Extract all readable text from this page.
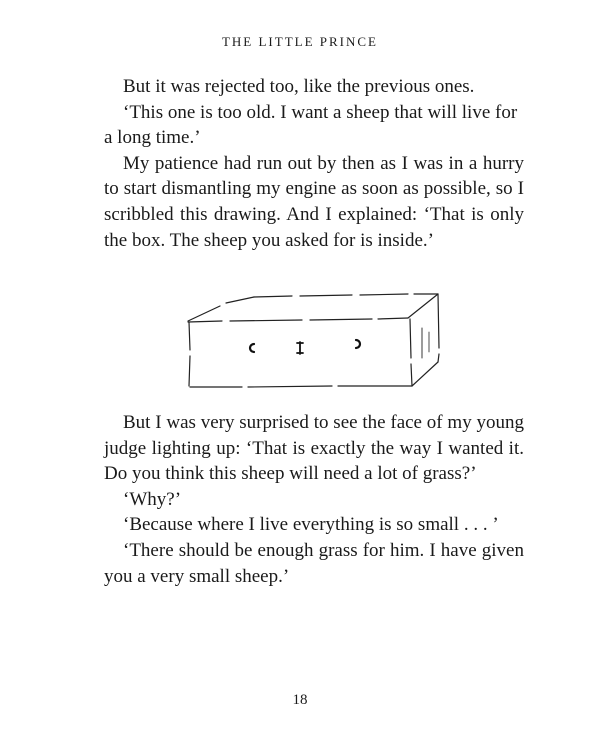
THE LITTLE PRINCE

But it was rejected too, like the previous ones.

‘This one is too old. I want a sheep that will live for a long time.’

My patience had run out by then as I was in a hurry to start dismantling my engine as soon as possible, so I scribbled this drawing. And I explained: ‘That is only the box. The sheep you asked for is inside.’

But I was very surprised to see the face of my young judge lighting up: ‘That is exactly the way I wanted it. Do you think this sheep will need a lot of grass?’

‘Why?’

‘Because where I live everything is so small . . . ’

‘There should be enough grass for him. I have given you a very small sheep.’

18
